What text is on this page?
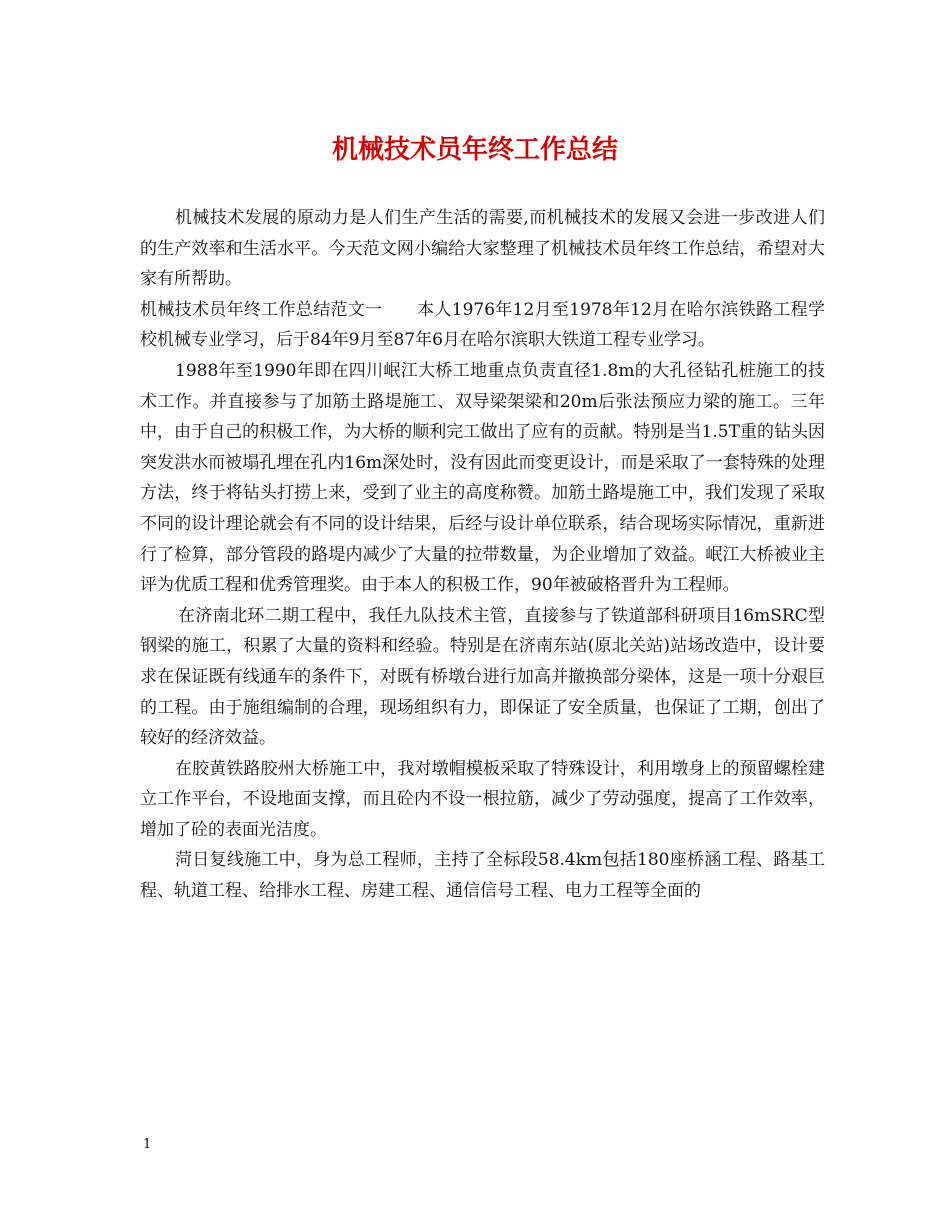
机械技术员年终工作总结

机械技术发展的原动力是人们生产生活的需要,而机械技术的发展又会进一步改进人们的生产效率和生活水平。今天范文网小编给大家整理了机械技术员年终工作总结，希望对大家有所帮助。

机械技术员年终工作总结范文一　　本人1976年12月至1978年12月在哈尔滨铁路工程学校机械专业学习，后于84年9月至87年6月在哈尔滨职大铁道工程专业学习。

1988年至1990年即在四川岷江大桥工地重点负责直径1.8m的大孔径钻孔桩施工的技术工作。并直接参与了加筋土路堤施工、双导梁架梁和20m后张法预应力梁的施工。三年中，由于自己的积极工作，为大桥的顺利完工做出了应有的贡献。特别是当1.5T重的钻头因突发洪水而被塌孔埋在孔内16m深处时，没有因此而变更设计，而是采取了一套特殊的处理方法，终于将钻头打捞上来，受到了业主的高度称赞。加筋土路堤施工中，我们发现了采取不同的设计理论就会有不同的设计结果，后经与设计单位联系，结合现场实际情况，重新进行了检算，部分管段的路堤内减少了大量的拉带数量，为企业增加了效益。岷江大桥被业主评为优质工程和优秀管理奖。由于本人的积极工作，90年被破格晋升为工程师。

在济南北环二期工程中，我任九队技术主管，直接参与了铁道部科研项目16mSRC型钢梁的施工，积累了大量的资料和经验。特别是在济南东站(原北关站)站场改造中，设计要求在保证既有线通车的条件下，对既有桥墩台进行加高并撤换部分梁体，这是一项十分艰巨的工程。由于施组编制的合理，现场组织有力，即保证了安全质量，也保证了工期，创出了较好的经济效益。

在胶黄铁路胶州大桥施工中，我对墩帽模板采取了特殊设计，利用墩身上的预留螺栓建立工作平台，不设地面支撑，而且砼内不设一根拉筋，减少了劳动强度，提高了工作效率，增加了砼的表面光洁度。

菏日复线施工中，身为总工程师，主持了全标段58.4km包括180座桥涵工程、路基工程、轨道工程、给排水工程、房建工程、通信信号工程、电力工程等全面的

1
